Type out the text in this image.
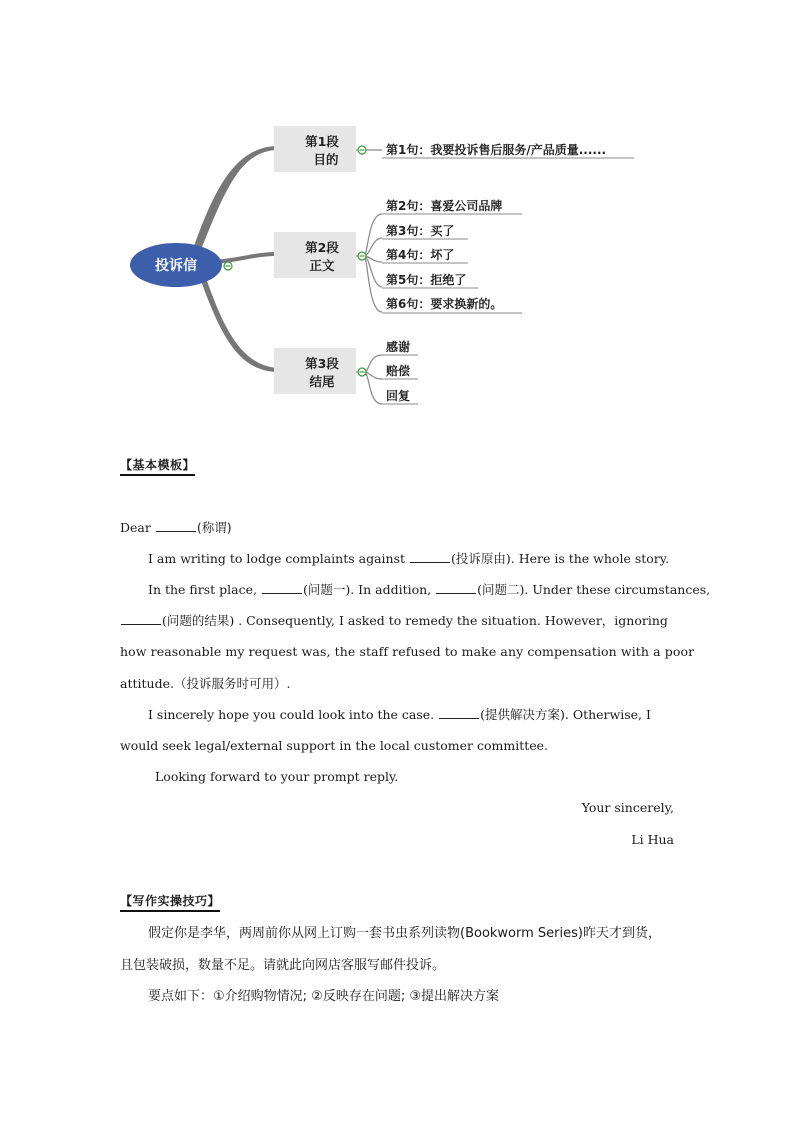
投诉信
第1段
目的
第1句：我要投诉售后服务/产品质量......
第2段
正文
第2句：喜爱公司品牌
第3句：买了
第4句：坏了
第5句：拒绝了
第6句：要求换新的。
第3段
结尾
感谢
赔偿
回复
【基本模板】
Dear	(称谓)
I am writing to lodge complaints against	(投诉原由). Here is the whole story.
In the first place,	(问题一). In addition,	(问题二). Under these circumstances,
(问题的结果) . Consequently, I asked to remedy the situation. However，ignoring
how reasonable my request was, the staff refused to make any compensation with a poor
attitude.（投诉服务时可用）.
I sincerely hope you could look into the case.	(提供解决方案). Otherwise, I
would seek legal/external support in the local customer committee.
Looking forward to your prompt reply.
Your sincerely,
Li Hua
【写作实操技巧】
假定你是李华，两周前你从网上订购一套书虫系列读物(Bookworm Series)昨天才到货，
且包装破损，数量不足。请就此向网店客服写邮件投诉。
要点如下：①介绍购物情况; ②反映存在问题; ③提出解决方案
